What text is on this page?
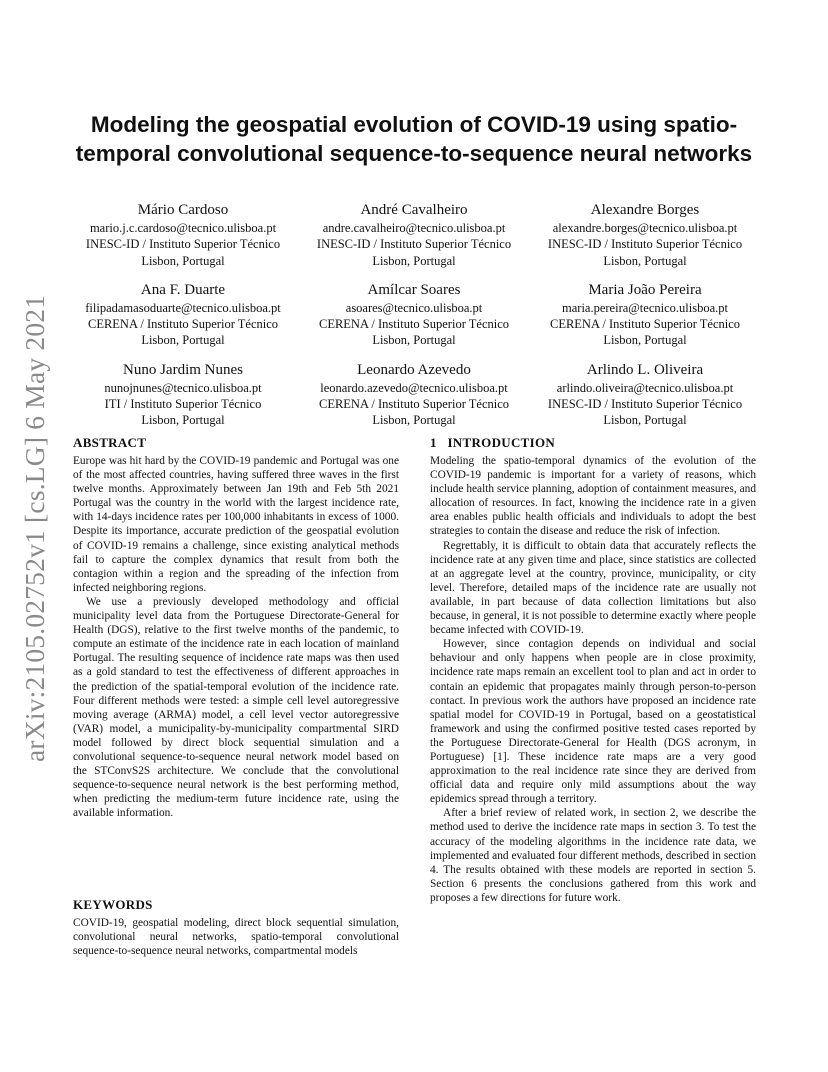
arXiv:2105.02752v1 [cs.LG] 6 May 2021
Modeling the geospatial evolution of COVID-19 using spatio-temporal convolutional sequence-to-sequence neural networks
Mário Cardoso
mario.j.c.cardoso@tecnico.ulisboa.pt
INESC-ID / Instituto Superior Técnico
Lisbon, Portugal
André Cavalheiro
andre.cavalheiro@tecnico.ulisboa.pt
INESC-ID / Instituto Superior Técnico
Lisbon, Portugal
Alexandre Borges
alexandre.borges@tecnico.ulisboa.pt
INESC-ID / Instituto Superior Técnico
Lisbon, Portugal
Ana F. Duarte
filipadamasoduarte@tecnico.ulisboa.pt
CERENA / Instituto Superior Técnico
Lisbon, Portugal
Amílcar Soares
asoares@tecnico.ulisboa.pt
CERENA / Instituto Superior Técnico
Lisbon, Portugal
Maria João Pereira
maria.pereira@tecnico.ulisboa.pt
CERENA / Instituto Superior Técnico
Lisbon, Portugal
Nuno Jardim Nunes
nunojnunes@tecnico.ulisboa.pt
ITI / Instituto Superior Técnico
Lisbon, Portugal
Leonardo Azevedo
leonardo.azevedo@tecnico.ulisboa.pt
CERENA / Instituto Superior Técnico
Lisbon, Portugal
Arlindo L. Oliveira
arlindo.oliveira@tecnico.ulisboa.pt
INESC-ID / Instituto Superior Técnico
Lisbon, Portugal
ABSTRACT

Europe was hit hard by the COVID-19 pandemic and Portugal was one of the most affected countries, having suffered three waves in the first twelve months. Approximately between Jan 19th and Feb 5th 2021 Portugal was the country in the world with the largest incidence rate, with 14-days incidence rates per 100,000 inhabitants in excess of 1000. Despite its importance, accurate prediction of the geospatial evolution of COVID-19 remains a challenge, since existing analytical methods fail to capture the complex dynamics that result from both the contagion within a region and the spreading of the infection from infected neighboring regions.

We use a previously developed methodology and official municipality level data from the Portuguese Directorate-General for Health (DGS), relative to the first twelve months of the pandemic, to compute an estimate of the incidence rate in each location of mainland Portugal. The resulting sequence of incidence rate maps was then used as a gold standard to test the effectiveness of different approaches in the prediction of the spatial-temporal evolution of the incidence rate. Four different methods were tested: a simple cell level autoregressive moving average (ARMA) model, a cell level vector autoregressive (VAR) model, a municipality-by-municipality compartmental SIRD model followed by direct block sequential simulation and a convolutional sequence-to-sequence neural network model based on the STConvS2S architecture. We conclude that the convolutional sequence-to-sequence neural network is the best performing method, when predicting the medium-term future incidence rate, using the available information.

KEYWORDS

COVID-19, geospatial modeling, direct block sequential simulation, convolutional neural networks, spatio-temporal convolutional sequence-to-sequence neural networks, compartmental models

1   INTRODUCTION

Modeling the spatio-temporal dynamics of the evolution of the COVID-19 pandemic is important for a variety of reasons, which include health service planning, adoption of containment measures, and allocation of resources. In fact, knowing the incidence rate in a given area enables public health officials and individuals to adopt the best strategies to contain the disease and reduce the risk of infection.

Regrettably, it is difficult to obtain data that accurately reflects the incidence rate at any given time and place, since statistics are collected at an aggregate level at the country, province, municipality, or city level. Therefore, detailed maps of the incidence rate are usually not available, in part because of data collection limitations but also because, in general, it is not possible to determine exactly where people became infected with COVID-19.

However, since contagion depends on individual and social behaviour and only happens when people are in close proximity, incidence rate maps remain an excellent tool to plan and act in order to contain an epidemic that propagates mainly through person-to-person contact. In previous work the authors have proposed an incidence rate spatial model for COVID-19 in Portugal, based on a geostatistical framework and using the confirmed positive tested cases reported by the Portuguese Directorate-General for Health (DGS acronym, in Portuguese) [1]. These incidence rate maps are a very good approximation to the real incidence rate since they are derived from official data and require only mild assumptions about the way epidemics spread through a territory.

After a brief review of related work, in section 2, we describe the method used to derive the incidence rate maps in section 3. To test the accuracy of the modeling algorithms in the incidence rate data, we implemented and evaluated four different methods, described in section 4. The results obtained with these models are reported in section 5. Section 6 presents the conclusions gathered from this work and proposes a few directions for future work.
